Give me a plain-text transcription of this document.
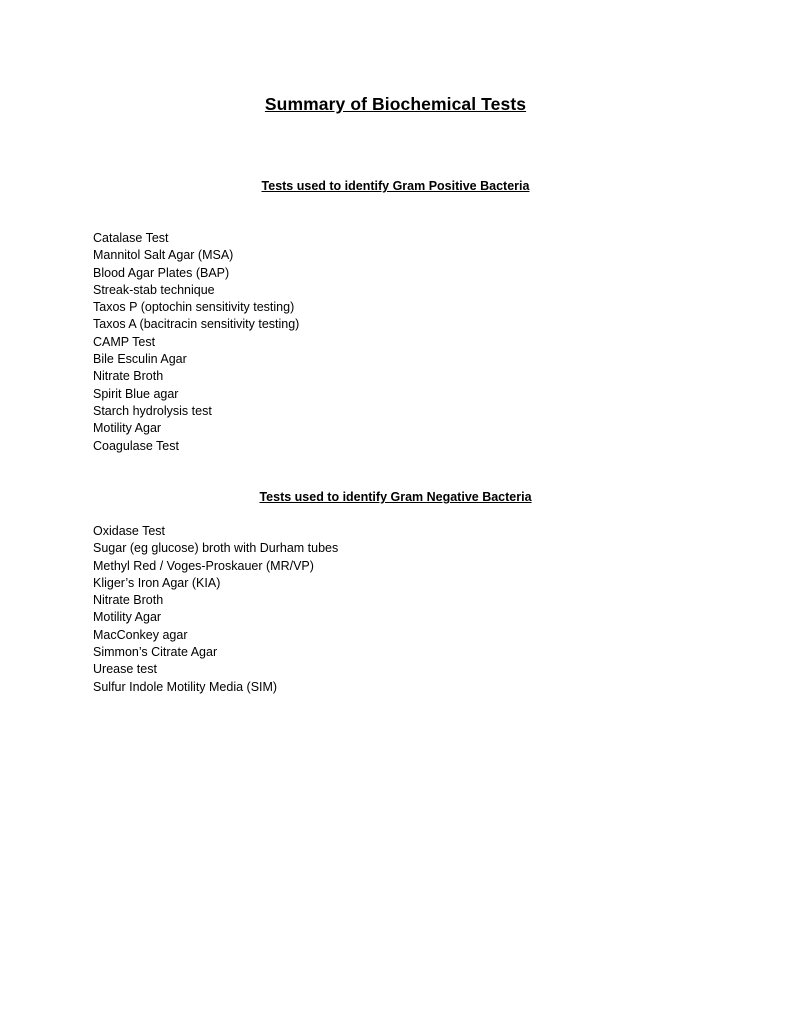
Summary of Biochemical Tests
Tests used to identify Gram Positive Bacteria
Catalase Test
Mannitol Salt Agar (MSA)
Blood Agar Plates (BAP)
Streak-stab technique
Taxos P (optochin sensitivity testing)
Taxos A (bacitracin sensitivity testing)
CAMP Test
Bile Esculin Agar
Nitrate Broth
Spirit Blue agar
Starch hydrolysis test
Motility Agar
Coagulase Test
Tests used to identify Gram Negative Bacteria
Oxidase Test
Sugar (eg glucose) broth with Durham tubes
Methyl Red / Voges-Proskauer (MR/VP)
Kliger’s Iron Agar (KIA)
Nitrate Broth
Motility Agar
MacConkey agar
Simmon’s Citrate Agar
Urease test
Sulfur Indole Motility Media (SIM)
